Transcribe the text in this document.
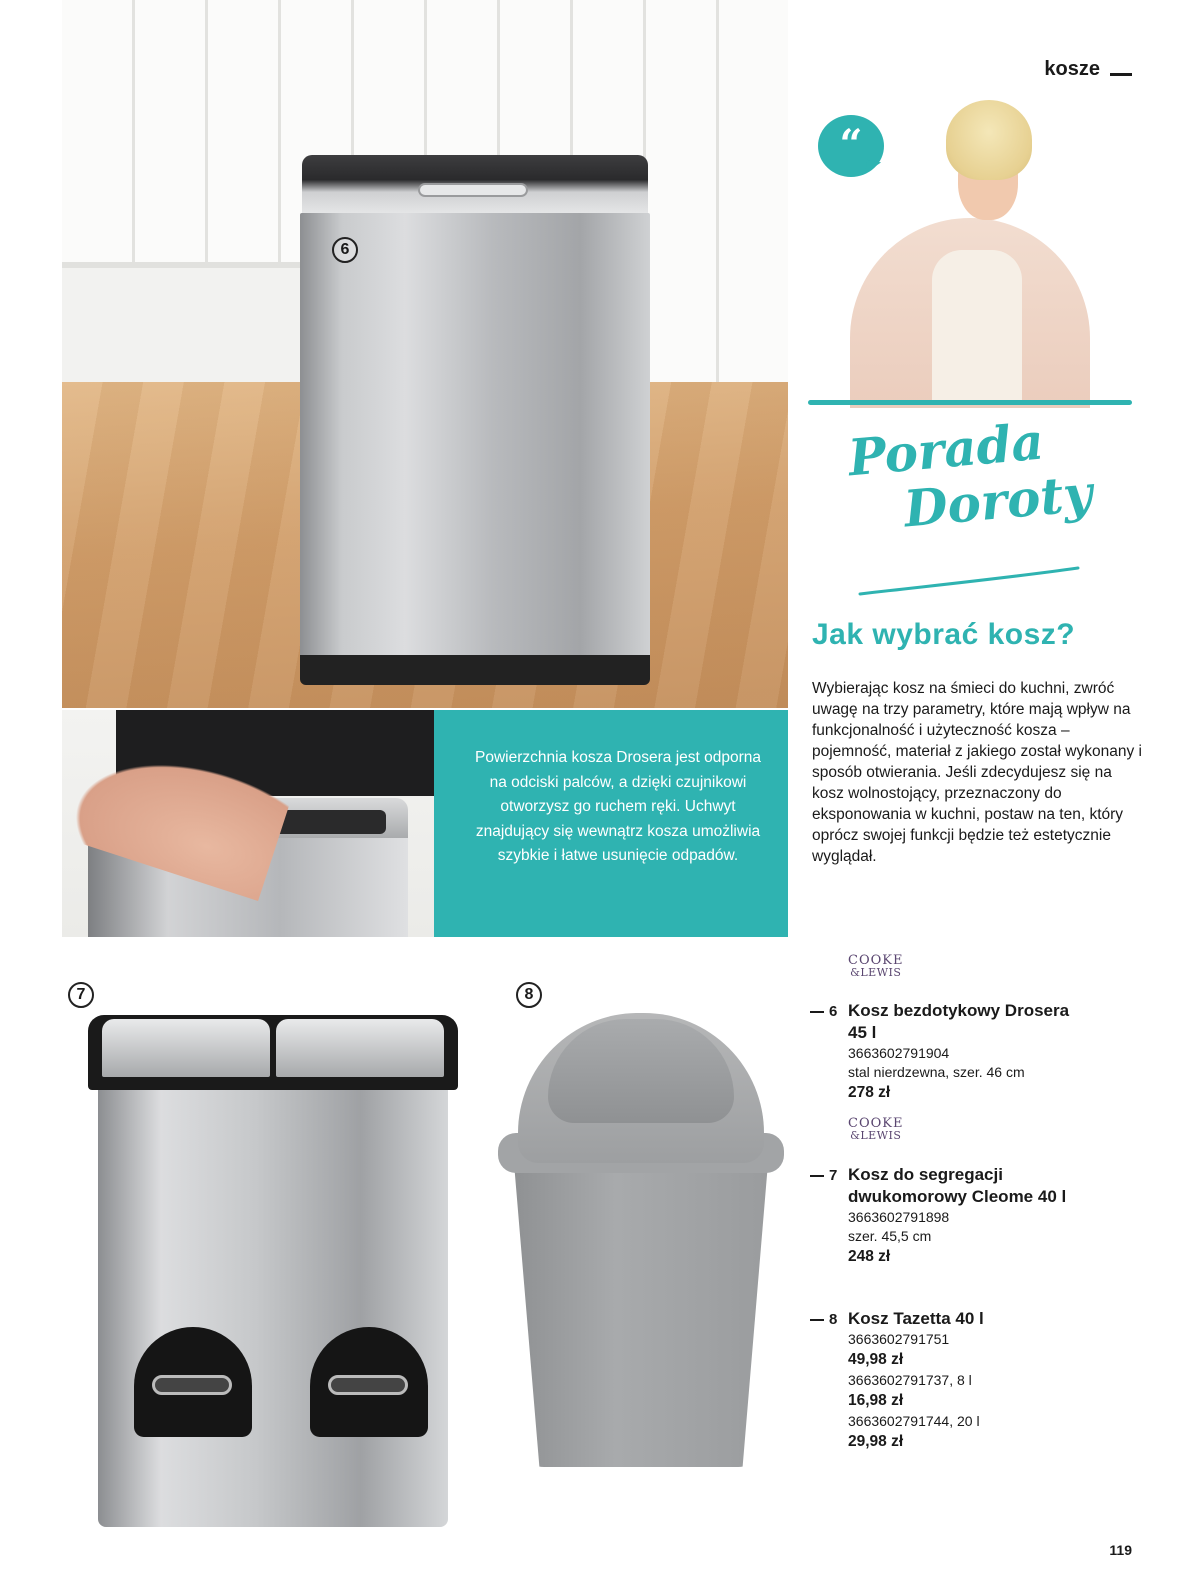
kosze
6

Powierzchnia kosza Drosera jest odporna na odciski palców, a dzięki czujnikowi otworzysz go ruchem ręki. Uchwyt znajdujący się wewnątrz kosza umożliwia szybkie i łatwe usunięcie odpadów.

“
Porada
Doroty
Jak wybrać kosz?
Wybierając kosz na śmieci do kuchni, zwróć uwagę na trzy parametry, które mają wpływ na funkcjonalność i użyteczność kosza – pojemność, materiał z jakiego został wykonany i sposób otwierania. Jeśli zdecydujesz się na kosz wolnostojący, przeznaczony do eksponowania w kuchni, postaw na ten, który oprócz swojej funkcji będzie też estetycznie wyglądał.
7	8
COOKE
&LEWIS
6 Kosz bezdotykowy Drosera 45 l
3663602791904
stal nierdzewna, szer. 46 cm
278 zł
COOKE
&LEWIS
7 Kosz do segregacji dwukomorowy Cleome 40 l
3663602791898
szer. 45,5 cm
248 zł
8 Kosz Tazetta 40 l
3663602791751
49,98 zł
3663602791737, 8 l
16,98 zł
3663602791744, 20 l
29,98 zł
119
